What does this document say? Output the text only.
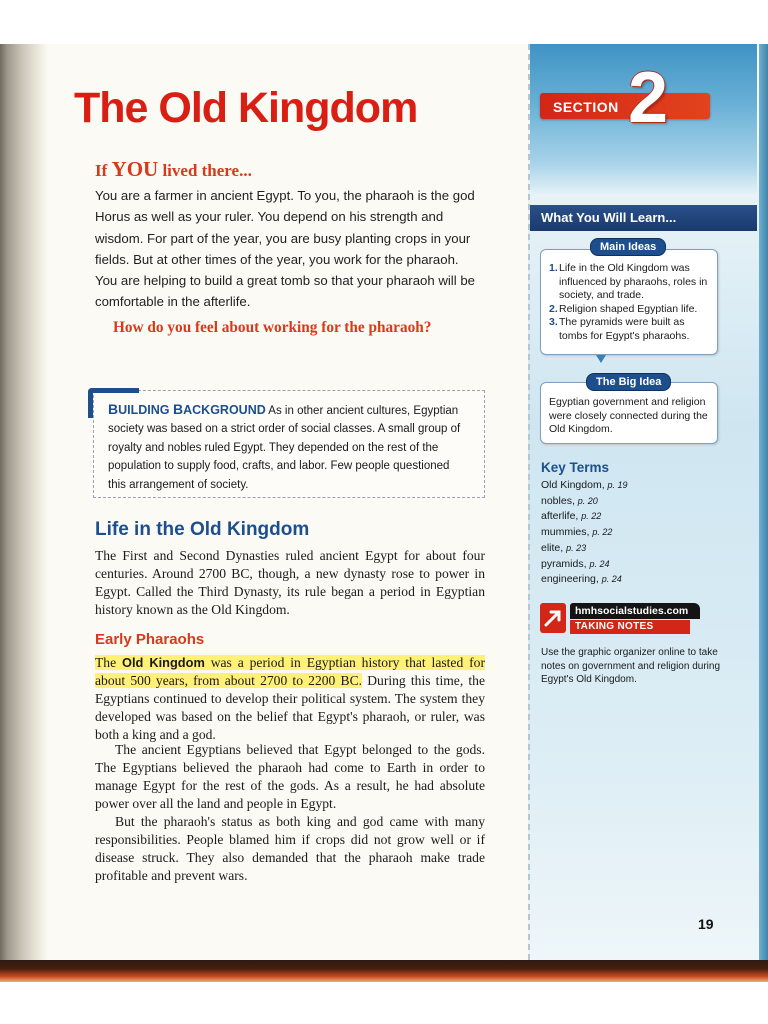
SECTION 2
What You Will Learn...
Main Ideas
1. Life in the Old Kingdom was influenced by pharaohs, roles in society, and trade.
2. Religion shaped Egyptian life.
3. The pyramids were built as tombs for Egypt's pharaohs.
The Big Idea
Egyptian government and religion were closely connected during the Old Kingdom.
Key Terms
Old Kingdom, p. 19
nobles, p. 20
afterlife, p. 22
mummies, p. 22
elite, p. 23
pyramids, p. 24
engineering, p. 24
hmhsocialstudies.com
TAKING NOTES
Use the graphic organizer online to take notes on government and religion during Egypt's Old Kingdom.
19
The Old Kingdom
If YOU lived there...

You are a farmer in ancient Egypt. To you, the pharaoh is the god Horus as well as your ruler. You depend on his strength and wisdom. For part of the year, you are busy planting crops in your fields. But at other times of the year, you work for the pharaoh. You are helping to build a great tomb so that your pharaoh will be comfortable in the afterlife.

How do you feel about working for the pharaoh?

BUILDING BACKGROUND As in other ancient cultures, Egyptian society was based on a strict order of social classes. A small group of royalty and nobles ruled Egypt. They depended on the rest of the population to supply food, crafts, and labor. Few people questioned this arrangement of society.

Life in the Old Kingdom

The First and Second Dynasties ruled ancient Egypt for about four centuries. Around 2700 BC, though, a new dynasty rose to power in Egypt. Called the Third Dynasty, its rule began a period in Egyptian history known as the Old Kingdom.

Early Pharaohs

The Old Kingdom was a period in Egyptian history that lasted for about 500 years, from about 2700 to 2200 BC. During this time, the Egyptians continued to develop their political system. The system they developed was based on the belief that Egypt's pharaoh, or ruler, was both a king and a god.

The ancient Egyptians believed that Egypt belonged to the gods. The Egyptians believed the pharaoh had come to Earth in order to manage Egypt for the rest of the gods. As a result, he had absolute power over all the land and people in Egypt.

But the pharaoh's status as both king and god came with many responsibilities. People blamed him if crops did not grow well or if disease struck. They also demanded that the pharaoh make trade profitable and prevent wars.
